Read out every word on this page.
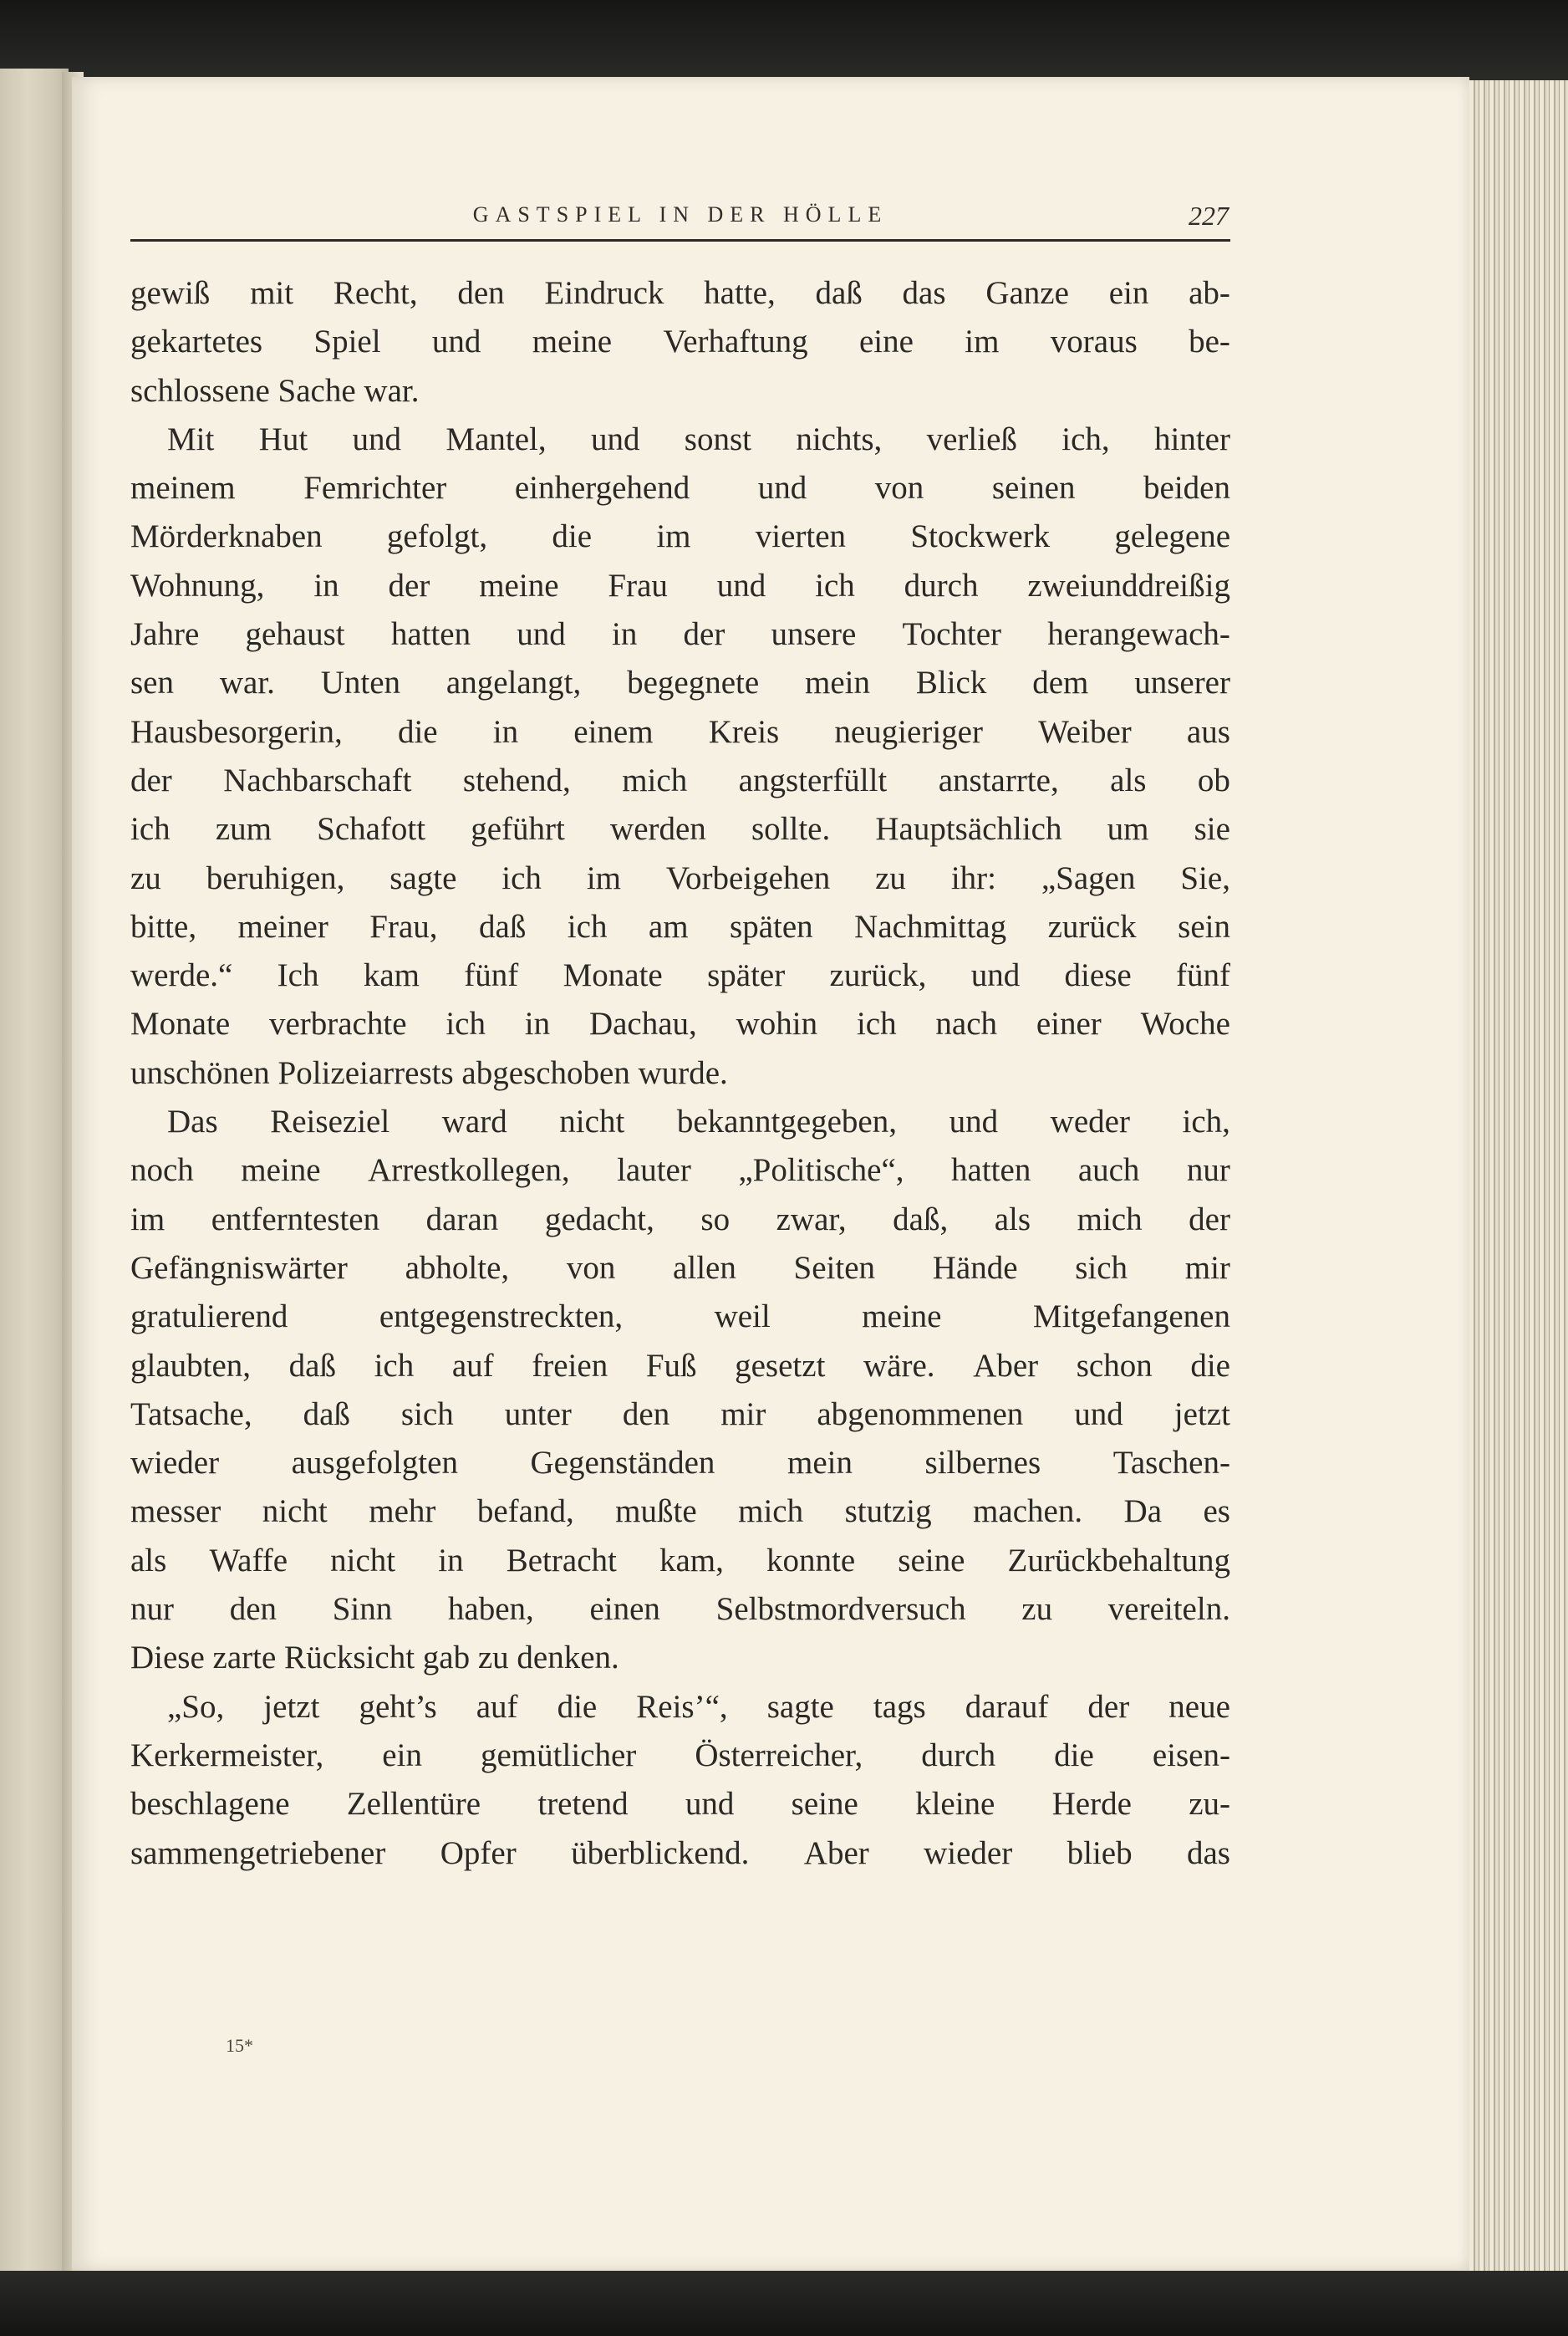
GASTSPIEL IN DER HÖLLE	227
gewiß mit Recht, den Eindruck hatte, daß das Ganze ein ab-
gekartetes Spiel und meine Verhaftung eine im voraus be-
schlossene Sache war.
Mit Hut und Mantel, und sonst nichts, verließ ich, hinter
meinem Femrichter einhergehend und von seinen beiden
Mörderknaben gefolgt, die im vierten Stockwerk gelegene
Wohnung, in der meine Frau und ich durch zweiunddreißig
Jahre gehaust hatten und in der unsere Tochter herangewach-
sen war. Unten angelangt, begegnete mein Blick dem unserer
Hausbesorgerin, die in einem Kreis neugieriger Weiber aus
der Nachbarschaft stehend, mich angsterfüllt anstarrte, als ob
ich zum Schafott geführt werden sollte. Hauptsächlich um sie
zu beruhigen, sagte ich im Vorbeigehen zu ihr: „Sagen Sie,
bitte, meiner Frau, daß ich am späten Nachmittag zurück sein
werde.“ Ich kam fünf Monate später zurück, und diese fünf
Monate verbrachte ich in Dachau, wohin ich nach einer Woche
unschönen Polizeiarrests abgeschoben wurde.
Das Reiseziel ward nicht bekanntgegeben, und weder ich,
noch meine Arrestkollegen, lauter „Politische“, hatten auch nur
im entferntesten daran gedacht, so zwar, daß, als mich der
Gefängniswärter abholte, von allen Seiten Hände sich mir
gratulierend	entgegenstreckten,	weil	meine	Mitgefangenen
glaubten, daß ich auf freien Fuß gesetzt wäre. Aber schon die
Tatsache, daß sich unter den mir abgenommenen und jetzt
wieder ausgefolgten Gegenständen mein silbernes Taschen-
messer nicht mehr befand, mußte mich stutzig machen. Da es
als Waffe nicht in Betracht kam, konnte seine Zurückbehaltung
nur den Sinn haben, einen Selbstmordversuch zu vereiteln.
Diese zarte Rücksicht gab zu denken.
„So, jetzt geht’s auf die Reis’“, sagte tags darauf der neue
Kerkermeister, ein gemütlicher Österreicher, durch die eisen-
beschlagene Zellentüre tretend und seine kleine Herde zu-
sammengetriebener Opfer überblickend. Aber wieder blieb das
15*
